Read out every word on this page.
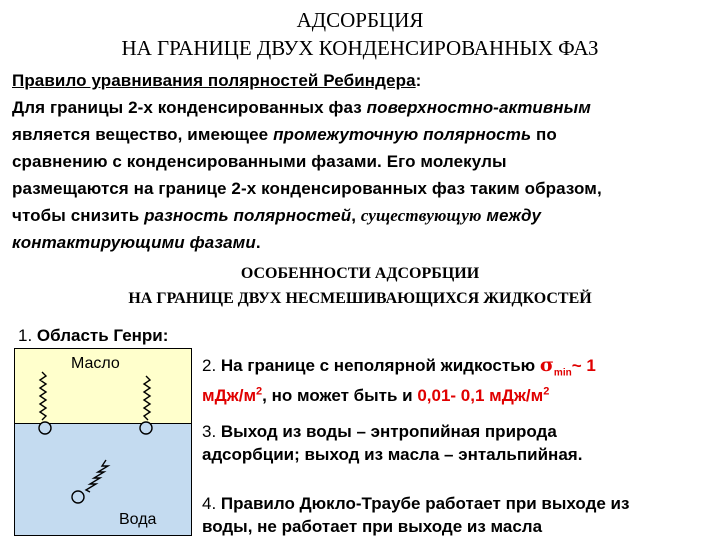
АДСОРБЦИЯ
НА ГРАНИЦЕ ДВУХ КОНДЕНСИРОВАННЫХ ФАЗ
Правило уравнивания полярностей Ребиндера:
Для границы 2-х конденсированных фаз поверхностно-активным
является вещество, имеющее промежуточную полярность по
сравнению с конденсированными фазами. Его молекулы
размещаются на границе 2-х конденсированных фаз таким образом,
чтобы снизить разность полярностей, существующую между
контактирующими фазами.
ОСОБЕННОСТИ АДСОРБЦИИ
НА ГРАНИЦЕ ДВУХ НЕСМЕШИВАЮЩИХСЯ ЖИДКОСТЕЙ
1. Область Генри:
Масло
Вода
2. На границе с неполярной жидкостью $\sigma_{min}\sim$ 1
мДж/$м^2$, но может быть и 0,01- 0,1 мДж/$м^2$
3. Выход из воды – энтропийная природа
адсорбции; выход из масла – энтальпийная.
4. Правило Дюкло-Траубе работает при выходе из
воды, не работает при выходе из масла
